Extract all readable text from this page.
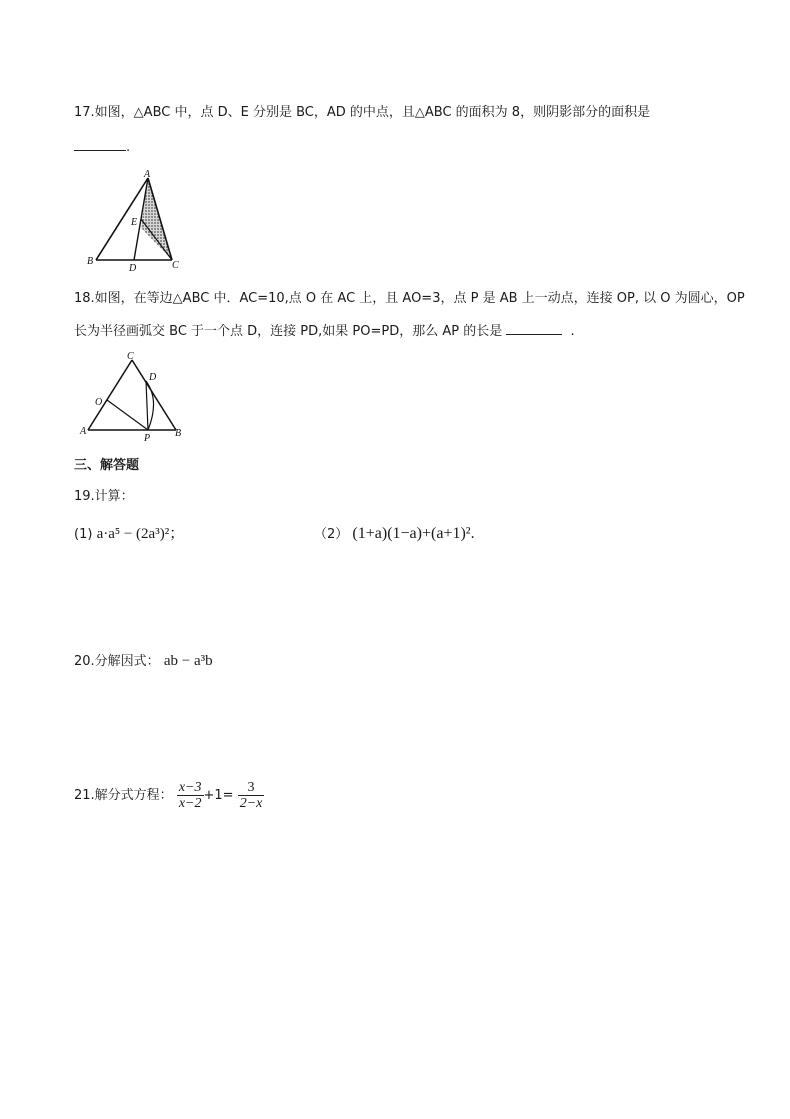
17.如图，△ABC 中，点 D、E 分别是 BC，AD 的中点，且△ABC 的面积为 8，则阴影部分的面积是
.
A
E
B
D	C
18.如图，在等边△ABC 中．AC=10,点 O 在 AC 上，且 AO=3，点 P 是 AB 上一动点，连接 OP, 以 O 为圆心，OP
长为半径画弧交 BC 于一个点 D，连接 PD,如果 PO=PD，那么 AP 的长是	.
C
D
O
A
P B
三、解答题
19.计算：
(1) a·a⁵ − (2a³)²；	（2） (1+a)(1−a)+(a+1)².
20.分解因式： ab − a³b
21.解分式方程： $\frac{x-3}{x-2} +1= \frac{3}{2-x}$
